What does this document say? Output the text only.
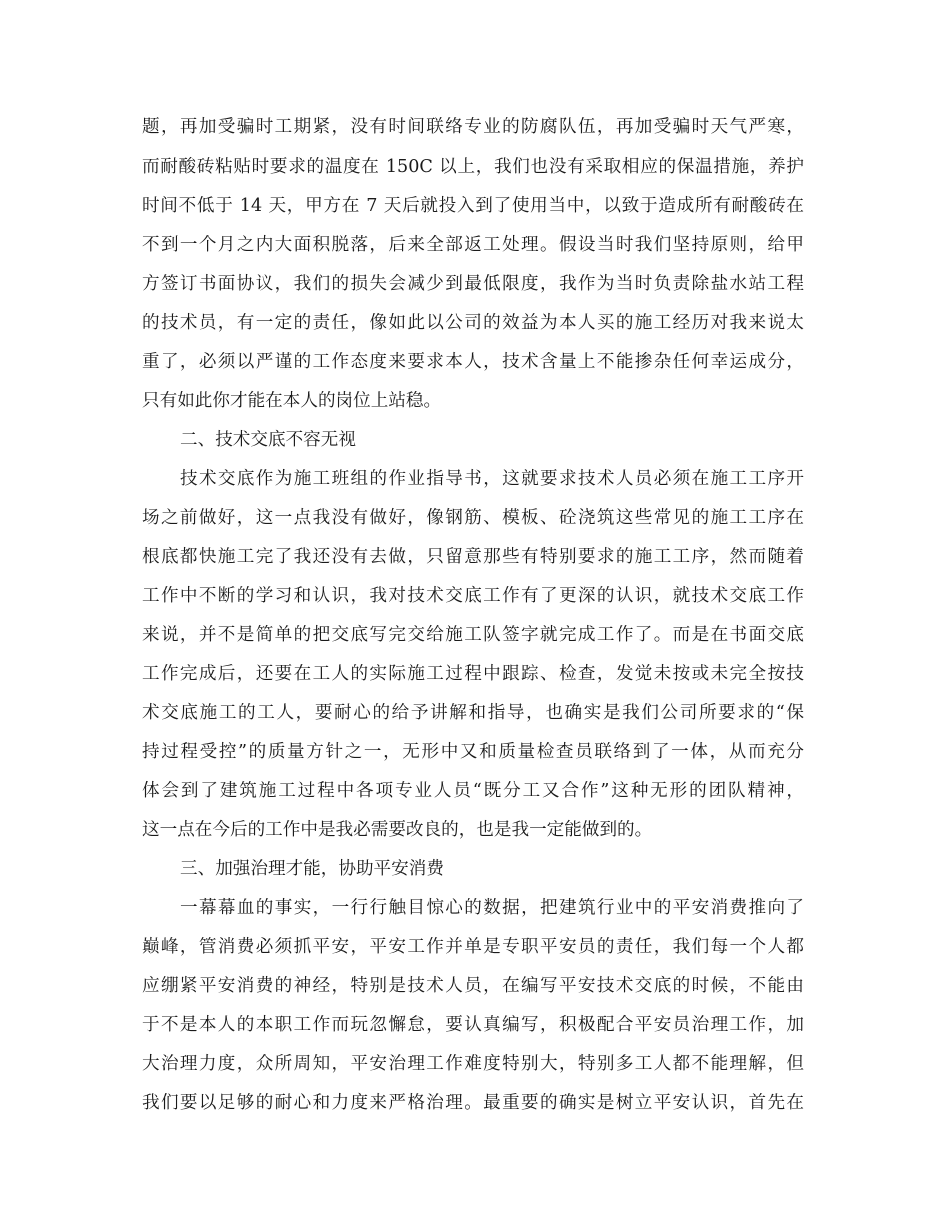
题，再加受骗时工期紧，没有时间联络专业的防腐队伍，再加受骗时天气严寒，
而耐酸砖粘贴时要求的温度在 150C 以上，我们也没有采取相应的保温措施，养护
时间不低于 14 天，甲方在 7 天后就投入到了使用当中，以致于造成所有耐酸砖在
不到一个月之内大面积脱落，后来全部返工处理。假设当时我们坚持原则，给甲
方签订书面协议，我们的损失会减少到最低限度，我作为当时负责除盐水站工程
的技术员，有一定的责任，像如此以公司的效益为本人买的施工经历对我来说太
重了，必须以严谨的工作态度来要求本人，技术含量上不能掺杂任何幸运成分，
只有如此你才能在本人的岗位上站稳。
二、技术交底不容无视
技术交底作为施工班组的作业指导书，这就要求技术人员必须在施工工序开
场之前做好，这一点我没有做好，像钢筋、模板、砼浇筑这些常见的施工工序在
根底都快施工完了我还没有去做，只留意那些有特别要求的施工工序，然而随着
工作中不断的学习和认识，我对技术交底工作有了更深的认识，就技术交底工作
来说，并不是简单的把交底写完交给施工队签字就完成工作了。而是在书面交底
工作完成后，还要在工人的实际施工过程中跟踪、检查，发觉未按或未完全按技
术交底施工的工人，要耐心的给予讲解和指导，也确实是我们公司所要求的“保
持过程受控”的质量方针之一，无形中又和质量检查员联络到了一体，从而充分
体会到了建筑施工过程中各项专业人员“既分工又合作”这种无形的团队精神，
这一点在今后的工作中是我必需要改良的，也是我一定能做到的。
三、加强治理才能，协助平安消费
一幕幕血的事实，一行行触目惊心的数据，把建筑行业中的平安消费推向了
巅峰，管消费必须抓平安，平安工作并单是专职平安员的责任，我们每一个人都
应绷紧平安消费的神经，特别是技术人员，在编写平安技术交底的时候，不能由
于不是本人的本职工作而玩忽懈怠，要认真编写，积极配合平安员治理工作，加
大治理力度，众所周知，平安治理工作难度特别大，特别多工人都不能理解，但
我们要以足够的耐心和力度来严格治理。最重要的确实是树立平安认识，首先在
